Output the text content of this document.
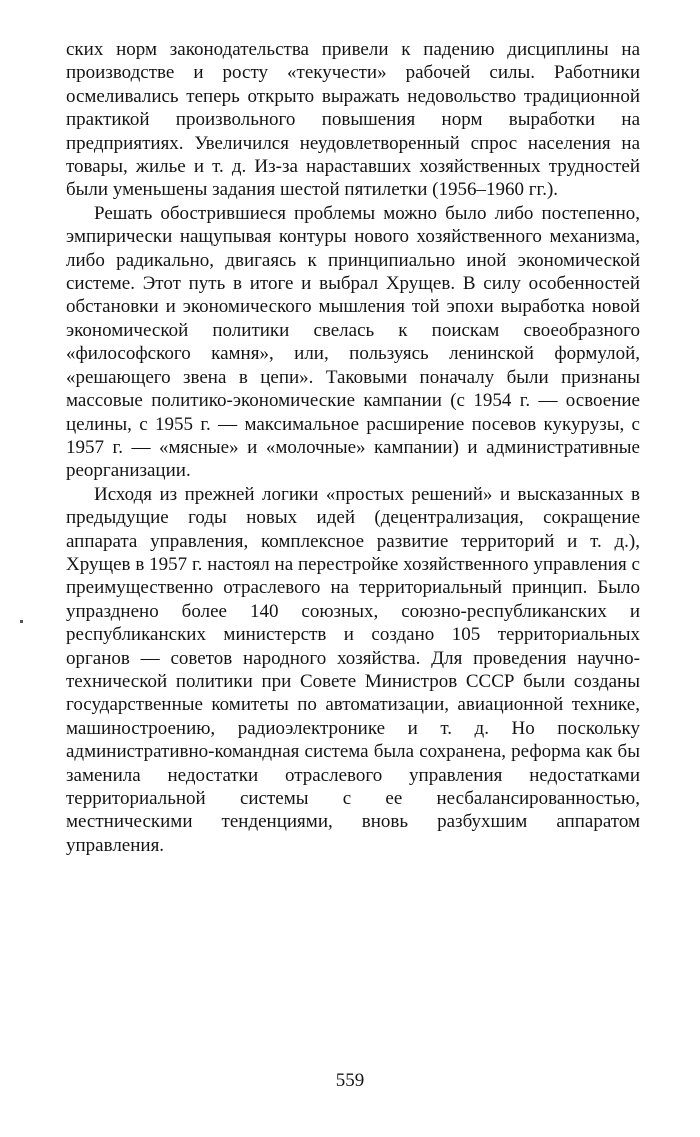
ских норм законодательства привели к падению дисциплины на производстве и росту «текучести» рабочей силы. Работники осмеливались теперь открыто выражать недовольство традиционной практикой произвольного повышения норм выработки на предприятиях. Увеличился неудовлетворенный спрос населения на товары, жилье и т. д. Из-за нараставших хозяйственных трудностей были уменьшены задания шестой пятилетки (1956–1960 гг.).

Решать обострившиеся проблемы можно было либо постепенно, эмпирически нащупывая контуры нового хозяйственного механизма, либо радикально, двигаясь к принципиально иной экономической системе. Этот путь в итоге и выбрал Хрущев. В силу особенностей обстановки и экономического мышления той эпохи выработка новой экономической политики свелась к поискам своеобразного «философского камня», или, пользуясь ленинской формулой, «решающего звена в цепи». Таковыми поначалу были признаны массовые политико-экономические кампании (с 1954 г. — освоение целины, с 1955 г. — максимальное расширение посевов кукурузы, с 1957 г. — «мясные» и «молочные» кампании) и административные реорганизации.

Исходя из прежней логики «простых решений» и высказанных в предыдущие годы новых идей (децентрализация, сокращение аппарата управления, комплексное развитие территорий и т. д.), Хрущев в 1957 г. настоял на перестройке хозяйственного управления с преимущественно отраслевого на территориальный принцип. Было упразднено более 140 союзных, союзно-республиканских и республиканских министерств и создано 105 территориальных органов — советов народного хозяйства. Для проведения научно-технической политики при Совете Министров СССР были созданы государственные комитеты по автоматизации, авиационной технике, машиностроению, радиоэлектронике и т. д. Но поскольку административно-командная система была сохранена, реформа как бы заменила недостатки отраслевого управления недостатками территориальной системы с ее несбалансированностью, местническими тенденциями, вновь разбухшим аппаратом управления.

559
